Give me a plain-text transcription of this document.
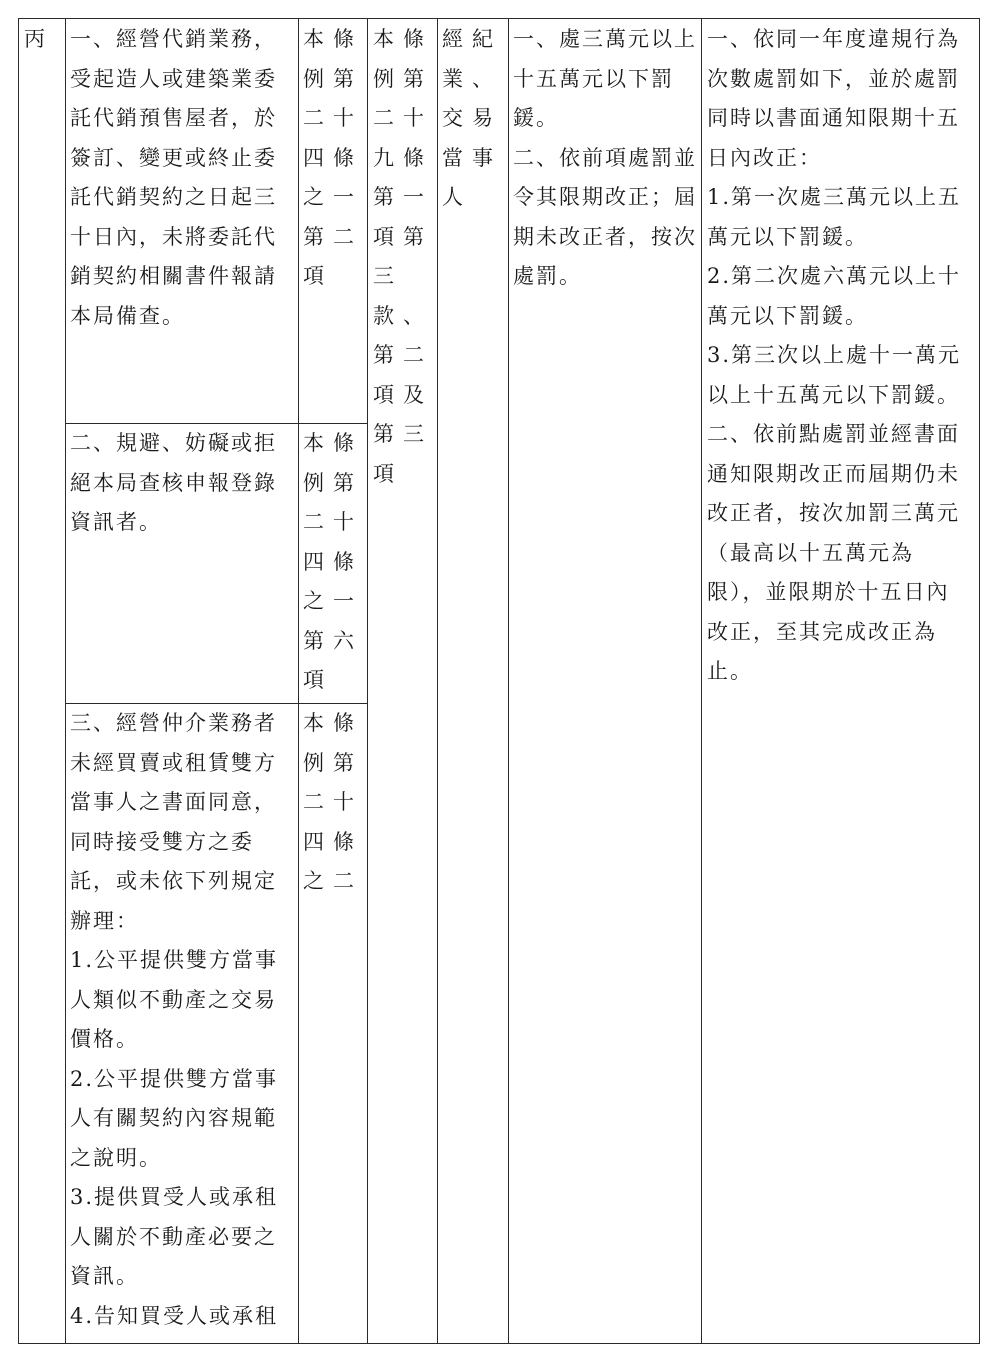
丙	一、經營代銷業務，受起造人或建築業委託代銷預售屋者，於簽訂、變更或終止委託代銷契約之日起三十日內，未將委託代銷契約相關書件報請本局備查。
本條例第二十四條之一第二項
二、規避、妨礙或拒絕本局查核申報登錄資訊者。
本條例第二十四條之一第六項
三、經營仲介業務者未經買賣或租賃雙方當事人之書面同意，同時接受雙方之委託，或未依下列規定辦理：
1.公平提供雙方當事人類似不動產之交易價格。
2.公平提供雙方當事人有關契約內容規範之說明。
3.提供買受人或承租人關於不動產必要之資訊。
4.告知買受人或承租
本條例第二十四條之二
本條例第二十九條第一項第三款、第二項及第三項
經紀業、交易當事人
一、處三萬元以上十五萬元以下罰鍰。
二、依前項處罰並令其限期改正；屆期未改正者，按次處罰。
一、依同一年度違規行為次數處罰如下，並於處罰同時以書面通知限期十五日內改正：
1.第一次處三萬元以上五萬元以下罰鍰。
2.第二次處六萬元以上十萬元以下罰鍰。
3.第三次以上處十一萬元以上十五萬元以下罰鍰。
二、依前點處罰並經書面通知限期改正而屆期仍未改正者，按次加罰三萬元（最高以十五萬元為限），並限期於十五日內改正，至其完成改正為止。
